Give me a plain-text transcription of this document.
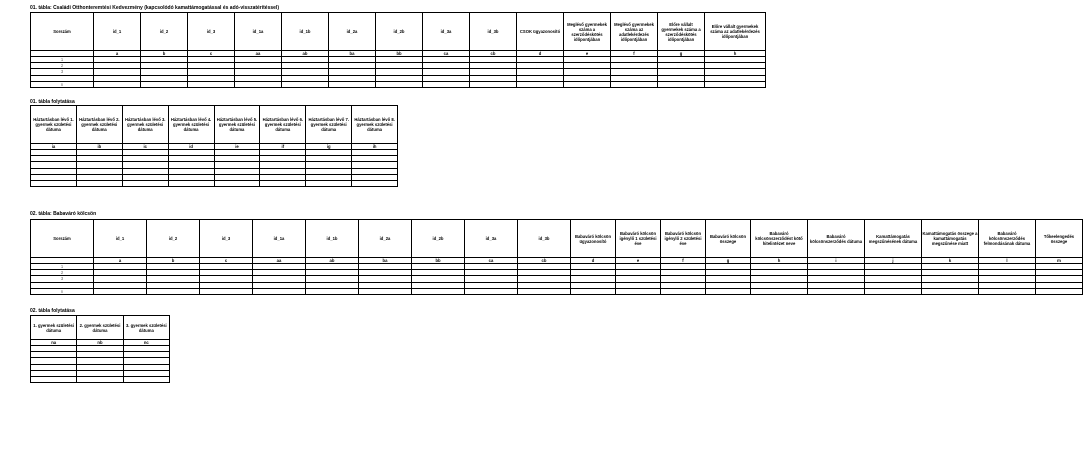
01. tábla: Családi Otthonteremtési Kedvezmény (kapcsolódó kamattámogatással és adó-visszatérítéssel)
Sorszám	id_1	id_2	id_3	id_1a	id_1b	id_2a	id_2b	id_3a	id_3b	CSOK ügyazonosító	Meglévő gyermekek száma a szerződéskötés időpontjában	Meglévő gyermekek száma az adatlekérdezés időpontjában	Előre vállalt gyermekek száma a szerződéskötés időpontjában	Előre vállalt gyermekek száma az adatlekérdezés időpontjában
	a	b	c	aa	ab	ba	bb	ca	cb	d	e	f	g	h
1														
2														
3														

n														
01. tábla folytatása
Háztartásban lévő 1. gyermek születési dátuma	Háztartásban lévő 2. gyermek születési dátuma	Háztartásban lévő 3. gyermek születési dátuma	Háztartásban lévő 4. gyermek születési dátuma	Háztartásban lévő 5. gyermek születési dátuma	Háztartásban lévő 6. gyermek születési dátuma	Háztartásban lévő 7. gyermek születési dátuma	Háztartásban lévő 8. gyermek születési dátuma
ia	ib	ic	id	ie	if	ig	ih

02. tábla: Babaváró kölcsön
Sorszám	id_1	id_2	id_3	id_1a	id_1b	id_2a	id_2b	id_3a	id_3b	Babaváró kölcsön ügyazonosító	Babaváró kölcsön igénylő 1 születési éve	Babaváró kölcsön igénylő 2 születési éve	Babaváró kölcsön összege	Babaváró kölcsönszerződést kötő hitelintézet neve	Babaváró kölcsönszerződés dátuma	Kamattámogatás megszűnésének dátuma	Kamattámogatás összege a kamattámogatás megszűnése miatt	Babaváró kölcsönszerződés felmondásának dátuma	Tőkeelengedés összege
	a	b	c	aa	ab	ba	bb	ca	cb	d	e	f	g	h	i	j	k	l	m
1																			
2																			
3																			

n																			
02. tábla folytatása
1. gyermek születési dátuma	2. gyermek születési dátuma	3. gyermek születési dátuma
na	nb	nc
